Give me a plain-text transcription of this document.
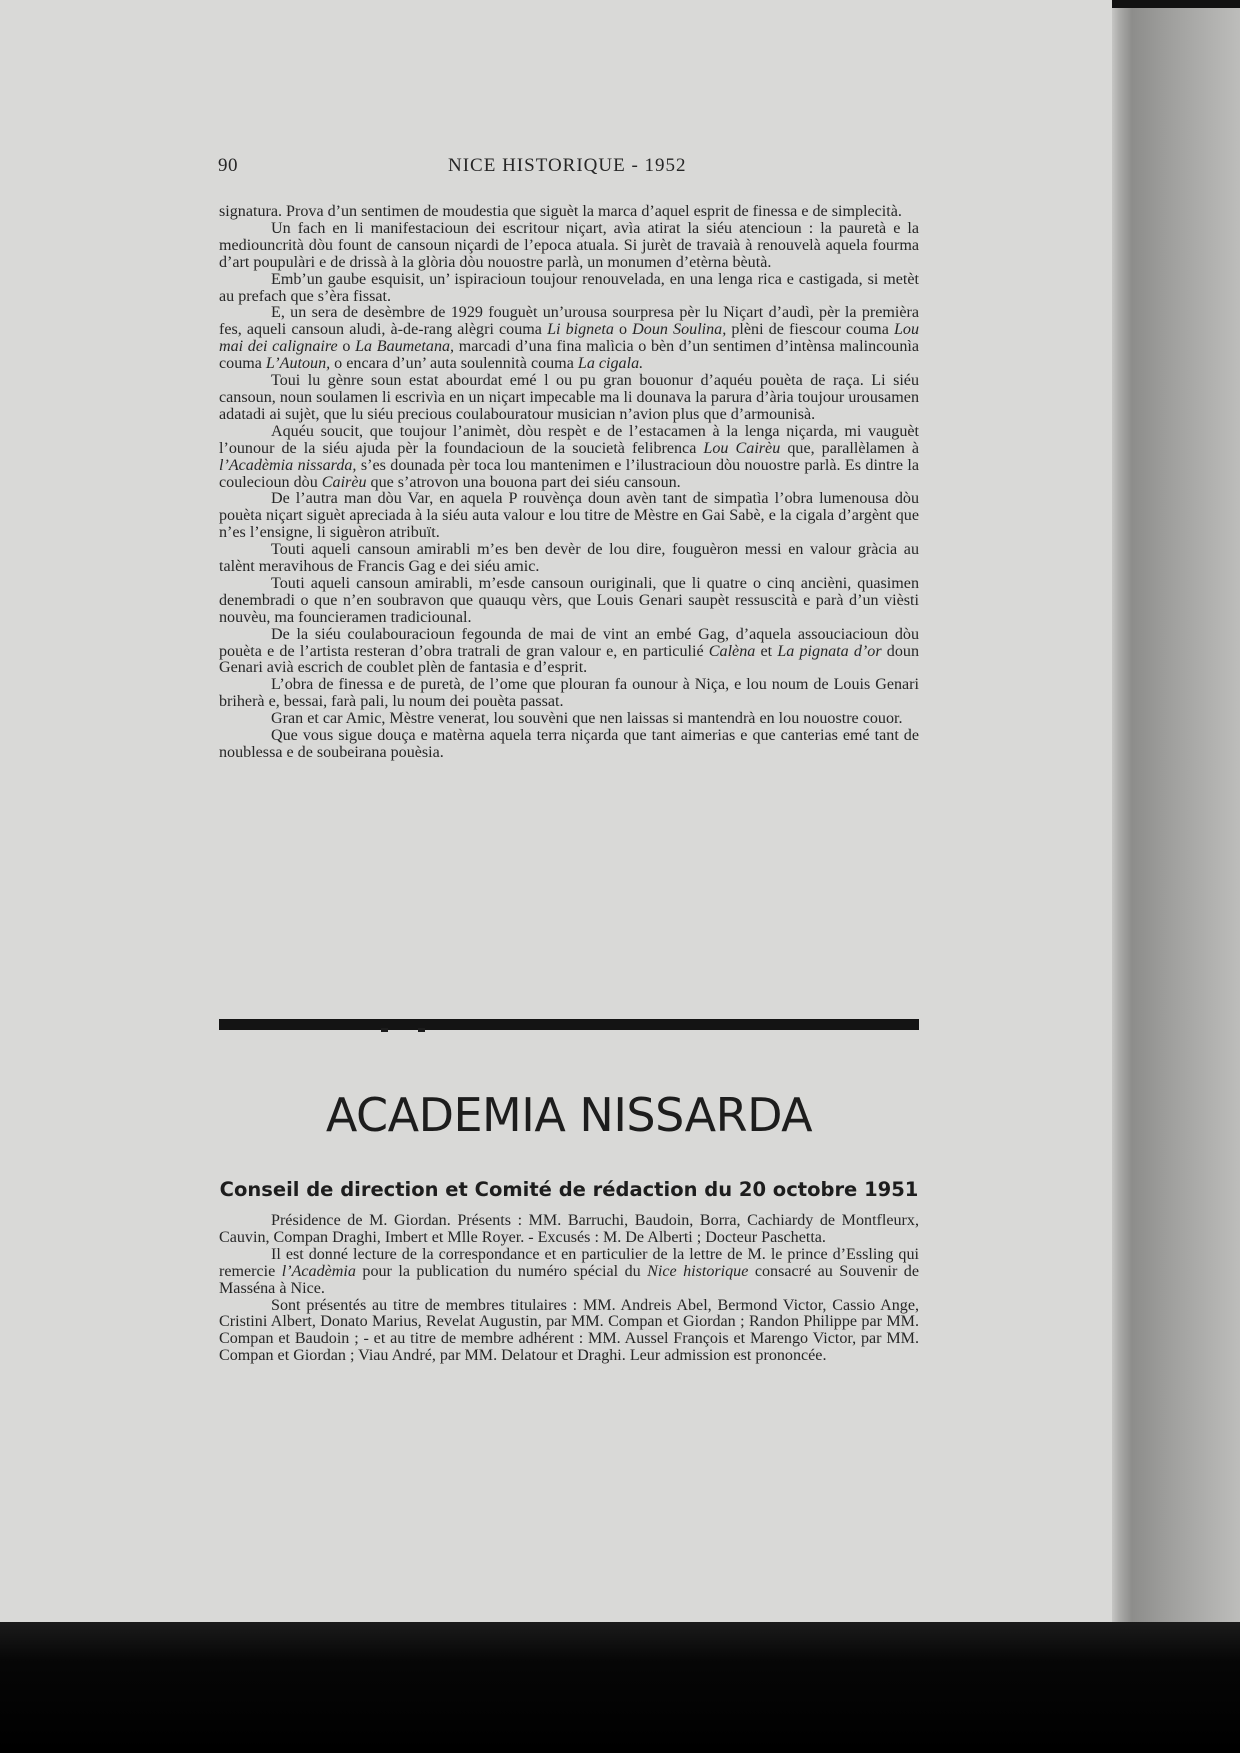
90	NICE HISTORIQUE - 1952

signatura. Prova d’un sentimen de moudestia que siguèt la marca d’aquel esprit de finessa e de simplecità.

Un fach en li manifestacioun dei escritour niçart, avìa atirat la siéu atencioun : la pauretà e la mediouncrità dòu fount de cansoun niçardi de l’epoca atuala. Si jurèt de travaià à renouvelà aquela fourma d’art poupulàri e de drissà à la glòria dòu nouostre parlà, un monumen d’etèrna bèutà.

Emb’un gaube esquisit, un’ ispiracioun toujour renouvelada, en una lenga rica e castigada, si metèt au prefach que s’èra fissat.

E, un sera de desèmbre de 1929 fouguèt un’urousa sourpresa pèr lu Niçart d’audì, pèr la premièra fes, aqueli cansoun aludi, à-de-rang alègri couma Li bigneta o Doun Soulina, plèni de fiescour couma Lou mai dei calignaire o La Baumetana, marcadi d’una fina malìcia o bèn d’un sentimen d’intènsa malincounìa couma L’Autoun, o encara d’un’ auta soulennità couma La cigala.

Toui lu gènre soun estat abourdat emé l ou pu gran bouonur d’aquéu pouèta de raça. Li siéu cansoun, noun soulamen li escrivìa en un niçart impecable ma li dounava la parura d’ària toujour urousamen adatadi ai sujèt, que lu siéu precious coulabouratour musician n’avion plus que d’armounisà.

Aquéu soucit, que toujour l’animèt, dòu respèt e de l’estacamen à la lenga niçarda, mi vauguèt l’ounour de la siéu ajuda pèr la foundacioun de la soucietà felibrenca Lou Cairèu que, parallèlamen à l’Acadèmia nissarda, s’es dounada pèr toca lou mantenimen e l’ilustracioun dòu nouostre parlà. Es dintre la coulecioun dòu Cairèu que s’atrovon una bouona part dei siéu cansoun.

De l’autra man dòu Var, en aquela P rouvènça doun avèn tant de simpatìa l’obra lumenousa dòu pouèta niçart siguèt apreciada à la siéu auta valour e lou titre de Mèstre en Gai Sabè, e la cigala d’argènt que n’es l’ensigne, li siguèron atribuït.

Touti aqueli cansoun amirabli m’es ben devèr de lou dire, fouguèron messi en valour gràcia au talènt meravihous de Francis Gag e dei siéu amic.

Touti aqueli cansoun amirabli, m’esde cansoun ouriginali, que li quatre o cinq ancièni, quasimen denembradi o que n’en soubravon que quauqu vèrs, que Louis Genari saupèt ressuscità e parà d’un vièsti nouvèu, ma founcieramen tradiciounal.

De la siéu coulabouracioun fegounda de mai de vint an embé Gag, d’aquela assouciacioun dòu pouèta e de l’artista resteran d’obra tratrali de gran valour e, en particulié Calèna et La pignata d’or doun Genari avià escrich de coublet plèn de fantasia e d’esprit.

L’obra de finessa e de puretà, de l’ome que plouran fa ounour à Niça, e lou noum de Louis Genari briherà e, bessai, farà pali, lu noum dei pouèta passat.

Gran et car Amic, Mèstre venerat, lou souvèni que nen laissas si mantendrà en lou nouostre couor.

Que vous sigue douça e matèrna aquela terra niçarda que tant aimerias e que canterias emé tant de noublessa e de soubeirana pouèsia.

ACADEMIA NISSARDA
Conseil de direction et Comité de rédaction du 20 octobre 1951

Présidence de M. Giordan. Présents : MM. Barruchi, Baudoin, Borra, Cachiardy de Montfleurx, Cauvin, Compan Draghi, Imbert et Mlle Royer. - Excusés : M. De Alberti ; Docteur Paschetta.

Il est donné lecture de la correspondance et en particulier de la lettre de M. le prince d’Essling qui remercie l’Acadèmia pour la publication du numéro spécial du Nice historique consacré au Souvenir de Masséna à Nice.

Sont présentés au titre de membres titulaires : MM. Andreis Abel, Bermond Victor, Cassio Ange, Cristini Albert, Donato Marius, Revelat Augustin, par MM. Compan et Giordan ; Randon Philippe par MM. Compan et Baudoin ; - et au titre de membre adhérent : MM. Aussel François et Marengo Victor, par MM. Compan et Giordan ; Viau André, par MM. Delatour et Draghi. Leur admission est prononcée.
